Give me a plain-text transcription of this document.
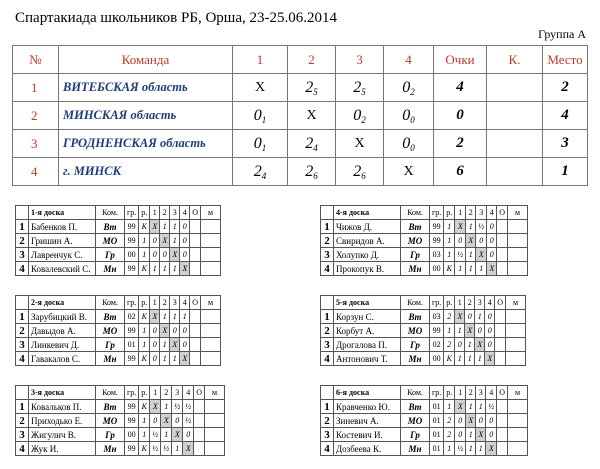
Спартакиада школьников РБ, Орша, 23-25.06.2014
Группа А
№	Команда	1	2	3	4	Очки	К.	Место
1	ВИТЕБСКАЯ область	X	$2_5$	$2_5$	$0_2$	4		2
2	МИНСКАЯ область	$0_1$	X	$0_2$	$0_0$	0		4
3	ГРОДНЕНСКАЯ область	$0_1$	$2_4$	X	$0_0$	2		3
4	г. МИНСК	$2_4$	$2_6$	$2_6$	X	6		1
	1-я доска	Ком.	гр.	р.	1	2	3	4	О	м
1	Бабенков П.	Вт	99	К	X	1	1	0		
2	Гришин А.	МО	99	1	0	X	1	0		
3	Лавренчук С.	Гр	00	1	0	0	X	0		
4	Ковалевский С.	Мн	99	К	1	1	1	X		
	4-я доска	Ком.	гр.	р.	1	2	3	4	О	м
1	Чижов Д.	Вт	99	1	X	1	½	0		
2	Свиридов А.	МО	99	1	0	X	0	0		
3	Холупко Д.	Гр	03	1	½	1	X	0		
4	Прокопук В.	Мн	00	К	1	1	1	X		
	2-я доска	Ком.	гр.	р.	1	2	3	4	О	м
1	Зарубицкий В.	Вт	02	К	X	1	1	1		
2	Давыдов А.	МО	99	1	0	X	0	0		
3	Линкевич Д.	Гр	01	1	0	1	X	0		
4	Гавакалов С.	Мн	99	К	0	1	1	X		
	5-я доска	Ком.	гр.	р.	1	2	3	4	О	м
1	Корзун С.	Вт	03	2	X	0	1	0		
2	Корбут А.	МО	99	1	1	X	0	0		
3	Дрогалова П.	Гр	02	2	0	1	X	0		
4	Антонович Т.	Мн	00	К	1	1	1	X		
	3-я доска	Ком.	гр.	р.	1	2	3	4	О	м
1	Ковальков П.	Вт	99	К	X	1	½	½		
2	Приходько Е.	МО	99	1	0	X	0	½		
3	Жигулич В.	Гр	00	1	½	1	X	0		
4	Жук И.	Мн	99	К	½	½	1	X		
	6-я доска	Ком.	гр.	р.	1	2	3	4	О	м
1	Кравченко Ю.	Вт	01	1	X	1	1	½		
2	Зиневич А.	МО	01	2	0	X	0	0		
3	Костевич И.	Гр	01	2	0	1	X	0		
4	Дозбеева К.	Мн	01	1	½	1	1	X		
